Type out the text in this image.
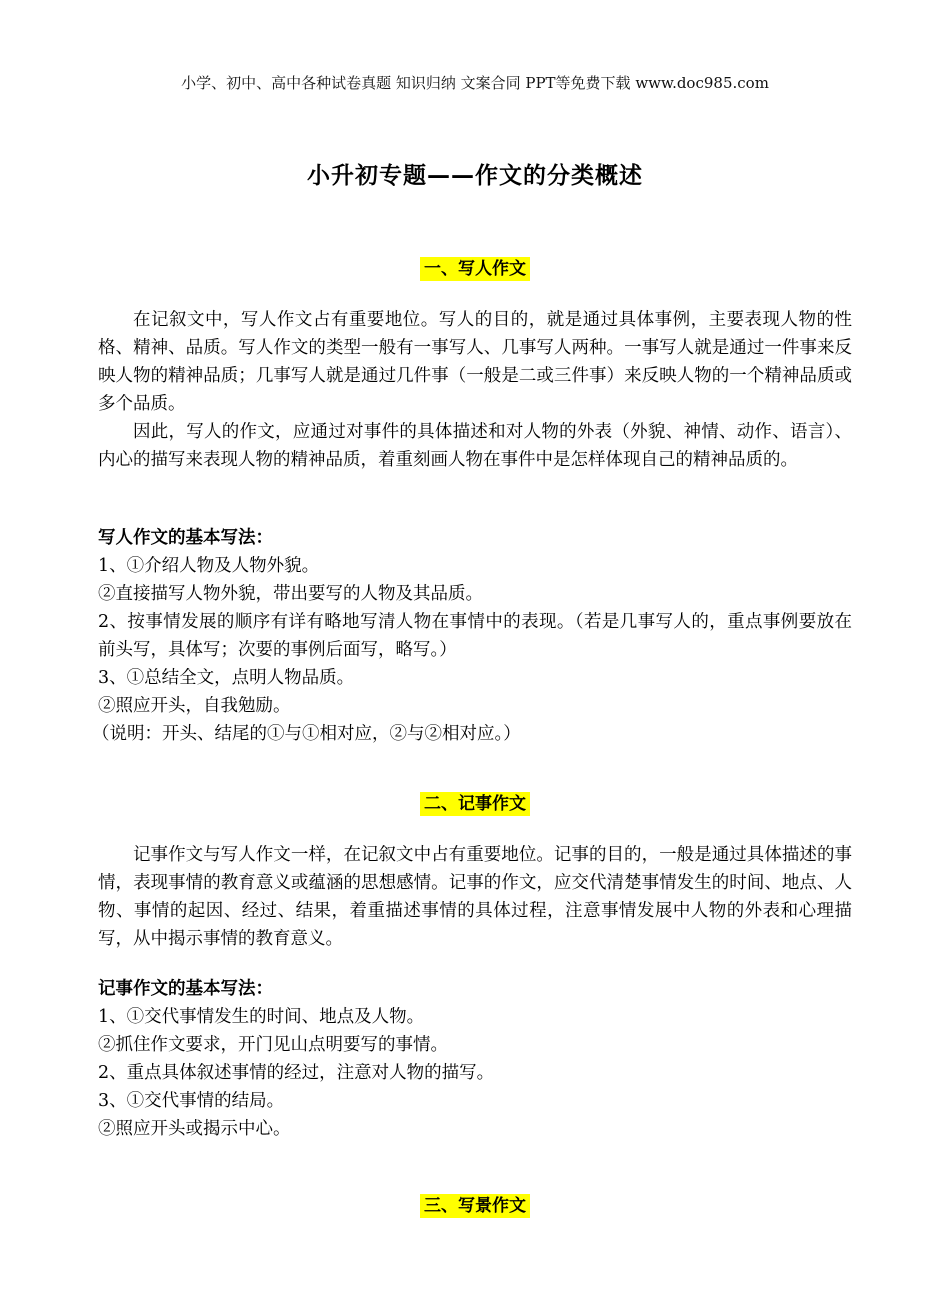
小学、初中、高中各种试卷真题 知识归纳 文案合同 PPT等免费下载 www.doc985.com
小升初专题——作文的分类概述
一、写人作文

在记叙文中，写人作文占有重要地位。写人的目的，就是通过具体事例，主要表现人物的性格、精神、品质。写人作文的类型一般有一事写人、几事写人两种。一事写人就是通过一件事来反映人物的精神品质；几事写人就是通过几件事（一般是二或三件事）来反映人物的一个精神品质或多个品质。

因此，写人的作文，应通过对事件的具体描述和对人物的外表（外貌、神情、动作、语言）、内心的描写来表现人物的精神品质，着重刻画人物在事件中是怎样体现自己的精神品质的。

写人作文的基本写法：

1、①介绍人物及人物外貌。

②直接描写人物外貌，带出要写的人物及其品质。

2、按事情发展的顺序有详有略地写清人物在事情中的表现。（若是几事写人的，重点事例要放在前头写，具体写；次要的事例后面写，略写。）

3、①总结全文，点明人物品质。

②照应开头，自我勉励。

（说明：开头、结尾的①与①相对应，②与②相对应。）

二、记事作文

记事作文与写人作文一样，在记叙文中占有重要地位。记事的目的，一般是通过具体描述的事情，表现事情的教育意义或蕴涵的思想感情。记事的作文，应交代清楚事情发生的时间、地点、人物、事情的起因、经过、结果，着重描述事情的具体过程，注意事情发展中人物的外表和心理描写，从中揭示事情的教育意义。

记事作文的基本写法：

1、①交代事情发生的时间、地点及人物。

②抓住作文要求，开门见山点明要写的事情。

2、重点具体叙述事情的经过，注意对人物的描写。

3、①交代事情的结局。

②照应开头或揭示中心。

三、写景作文
